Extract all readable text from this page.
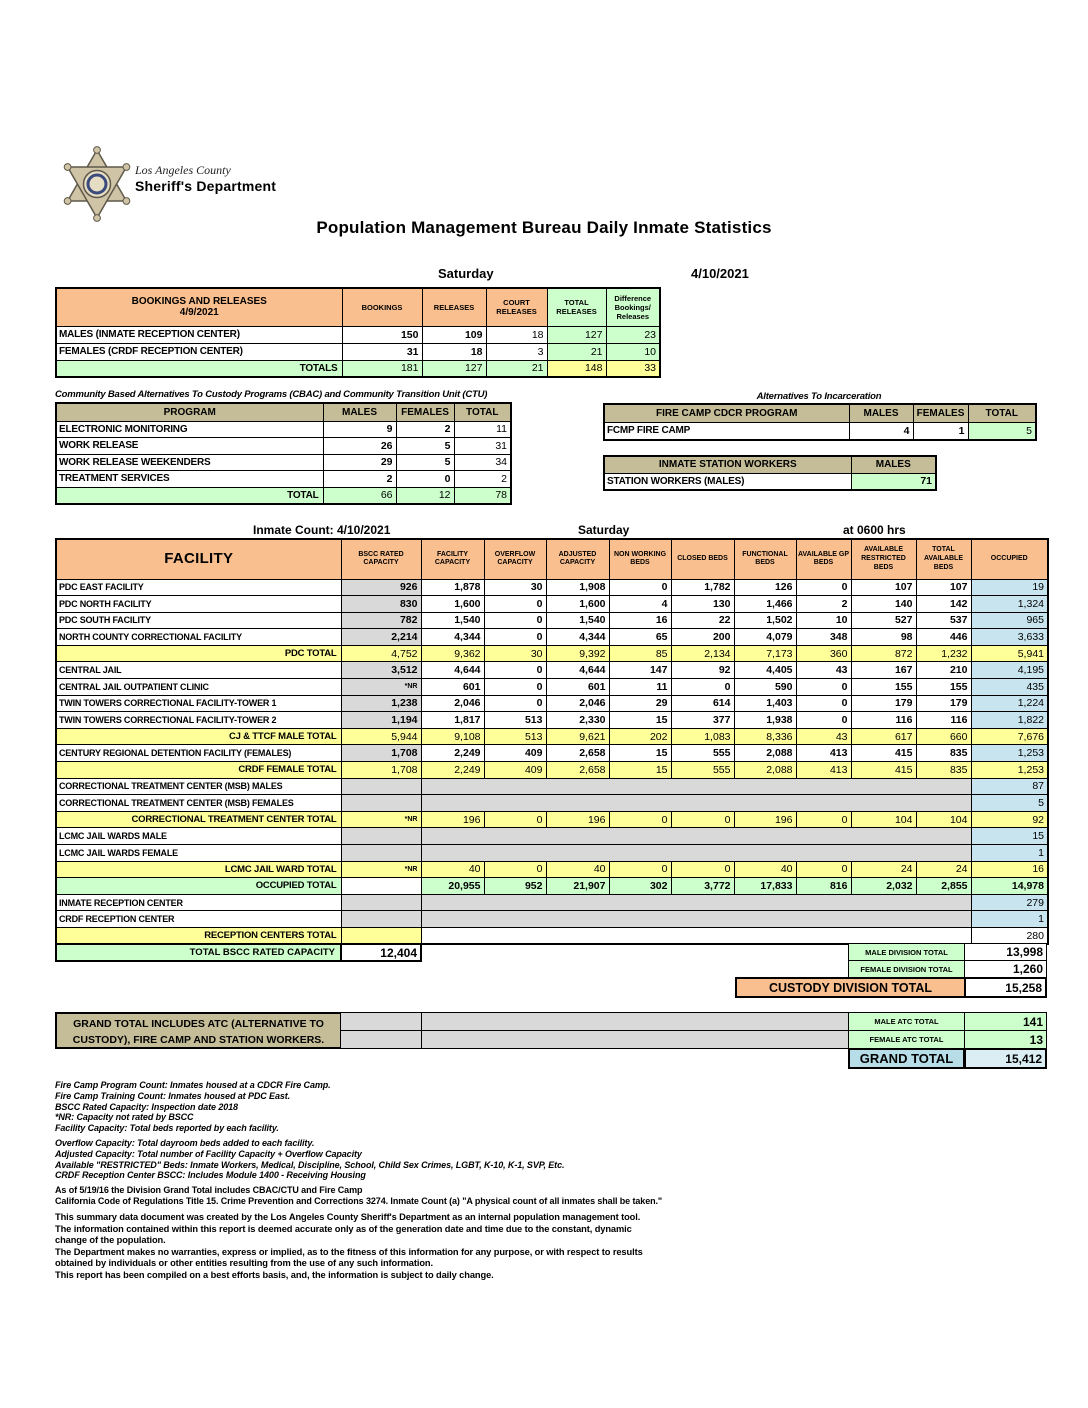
Los Angeles County
Sheriff's Department
Population Management Bureau Daily Inmate Statistics
Saturday	4/10/2021
BOOKINGS AND RELEASES
4/9/2021	BOOKINGS	RELEASES	COURT RELEASES	TOTAL RELEASES	Difference Bookings/ Releases
MALES (INMATE RECEPTION CENTER)	150	109	18	127	23
FEMALES (CRDF RECEPTION CENTER)	31	18	3	21	10
TOTALS	181	127	21	148	33
Community Based Alternatives To Custody Programs (CBAC) and Community Transition Unit (CTU)
PROGRAM	MALES	FEMALES	TOTAL
ELECTRONIC MONITORING	9	2	11
WORK RELEASE	26	5	31
WORK RELEASE WEEKENDERS	29	5	34
TREATMENT SERVICES	2	0	2
TOTAL	66	12	78
Alternatives To Incarceration
FIRE CAMP CDCR PROGRAM	MALES	FEMALES	TOTAL
FCMP FIRE CAMP	4	1	5
INMATE STATION WORKERS	MALES
STATION WORKERS (MALES)	71
Inmate Count: 4/10/2021	Saturday	at 0600 hrs
FACILITY	BSCC RATED CAPACITY	FACILITY CAPACITY	OVERFLOW CAPACITY	ADJUSTED CAPACITY	NON WORKING BEDS	CLOSED BEDS	FUNCTIONAL BEDS	AVAILABLE GP BEDS	AVAILABLE RESTRICTED BEDS	TOTAL AVAILABLE BEDS	OCCUPIED
PDC EAST FACILITY	926	1,878	30	1,908	0	1,782	126	0	107	107	19
PDC NORTH FACILITY	830	1,600	0	1,600	4	130	1,466	2	140	142	1,324
PDC SOUTH FACILITY	782	1,540	0	1,540	16	22	1,502	10	527	537	965
NORTH COUNTY CORRECTIONAL FACILITY	2,214	4,344	0	4,344	65	200	4,079	348	98	446	3,633
PDC TOTAL	4,752	9,362	30	9,392	85	2,134	7,173	360	872	1,232	5,941
CENTRAL JAIL	3,512	4,644	0	4,644	147	92	4,405	43	167	210	4,195
CENTRAL JAIL OUTPATIENT CLINIC	*NR	601	0	601	11	0	590	0	155	155	435
TWIN TOWERS CORRECTIONAL FACILITY-TOWER 1	1,238	2,046	0	2,046	29	614	1,403	0	179	179	1,224
TWIN TOWERS CORRECTIONAL FACILITY-TOWER 2	1,194	1,817	513	2,330	15	377	1,938	0	116	116	1,822
CJ & TTCF MALE TOTAL	5,944	9,108	513	9,621	202	1,083	8,336	43	617	660	7,676
CENTURY REGIONAL DETENTION FACILITY (FEMALES)	1,708	2,249	409	2,658	15	555	2,088	413	415	835	1,253
CRDF FEMALE TOTAL	1,708	2,249	409	2,658	15	555	2,088	413	415	835	1,253
CORRECTIONAL TREATMENT CENTER (MSB) MALES											87
CORRECTIONAL TREATMENT CENTER (MSB) FEMALES											5
CORRECTIONAL TREATMENT CENTER TOTAL	*NR	196	0	196	0	0	196	0	104	104	92
LCMC JAIL WARDS MALE											15
LCMC JAIL WARDS FEMALE											1
LCMC JAIL WARD TOTAL	*NR	40	0	40	0	0	40	0	24	24	16
OCCUPIED TOTAL		20,955	952	21,907	302	3,772	17,833	816	2,032	2,855	14,978
INMATE RECEPTION CENTER											279
CRDF RECEPTION CENTER											1
RECEPTION CENTERS TOTAL											280
TOTAL BSCC RATED CAPACITY	12,404	MALE DIVISION TOTAL	13,998
FEMALE DIVISION TOTAL	1,260
CUSTODY DIVISION TOTAL	15,258
GRAND TOTAL INCLUDES ATC (ALTERNATIVE TO
CUSTODY), FIRE CAMP AND STATION WORKERS.
MALE ATC TOTAL	141
FEMALE ATC TOTAL	13
GRAND TOTAL	15,412
Fire Camp Program Count: Inmates housed at a CDCR Fire Camp.
Fire Camp Training Count: Inmates housed at PDC East.
BSCC Rated Capacity: Inspection date 2018
*NR: Capacity not rated by BSCC
Facility Capacity: Total beds reported by each facility.
Overflow Capacity: Total dayroom beds added to each facility.
Adjusted Capacity: Total number of Facility Capacity + Overflow Capacity
Available "RESTRICTED" Beds: Inmate Workers, Medical, Discipline, School, Child Sex Crimes, LGBT, K-10, K-1, SVP, Etc.
CRDF Reception Center BSCC: Includes Module 1400 - Receiving Housing
As of 5/19/16 the Division Grand Total includes CBAC/CTU and Fire Camp
California Code of Regulations Title 15. Crime Prevention and Corrections 3274. Inmate Count (a) "A physical count of all inmates shall be taken."
This summary data document was created by the Los Angeles County Sheriff's Department as an internal population management tool.
The information contained within this report is deemed accurate only as of the generation date and time due to the constant, dynamic change of the population.
The Department makes no warranties, express or implied, as to the fitness of this information for any purpose, or with respect to results obtained by individuals or other entities resulting from the use of any such information.
This report has been compiled on a best efforts basis, and, the information is subject to daily change.
